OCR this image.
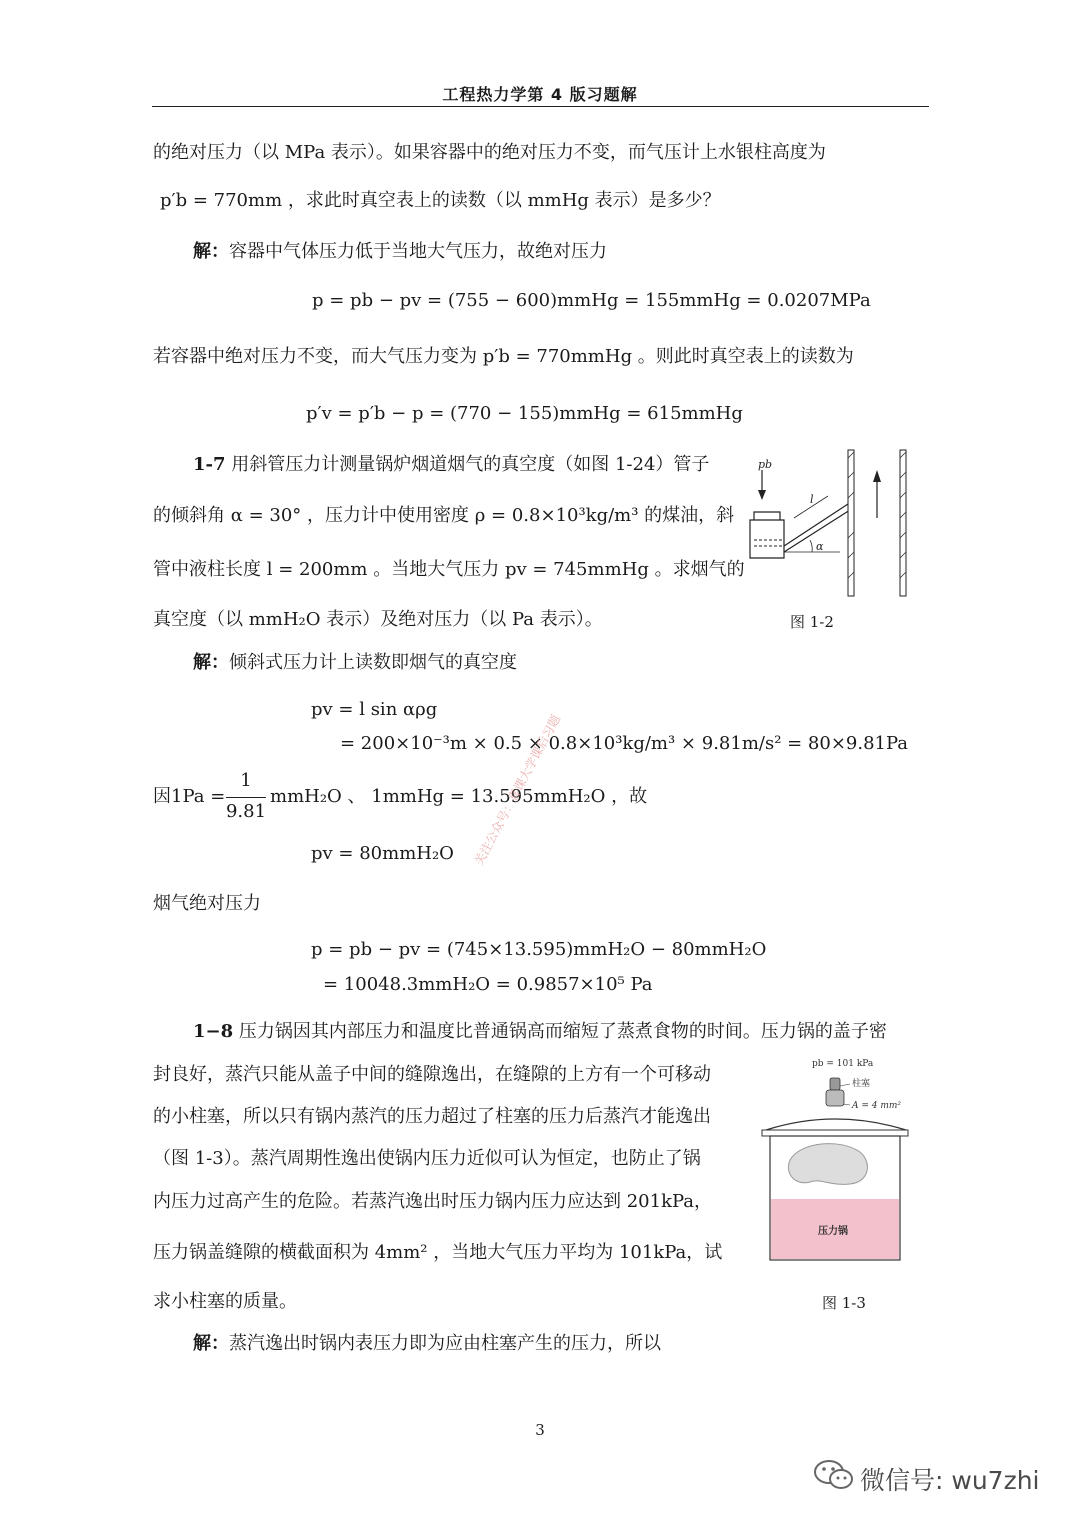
工程热力学第 4 版习题解
的绝对压力（以 MPa 表示）。如果容器中的绝对压力不变，而气压计上水银柱高度为
p′b = 770mm ，求此时真空表上的读数（以 mmHg 表示）是多少？
解：容器中气体压力低于当地大气压力，故绝对压力
p = pb − pv = (755 − 600)mmHg = 155mmHg = 0.0207MPa
若容器中绝对压力不变，而大气压力变为 p′b = 770mmHg 。则此时真空表上的读数为
p′v = p′b − p = (770 − 155)mmHg = 615mmHg
1-7 用斜管压力计测量锅炉烟道烟气的真空度（如图 1-24）管子
的倾斜角 α = 30° ，压力计中使用密度 ρ = 0.8×10³kg/m³ 的煤油，斜
管中液柱长度 l = 200mm 。当地大气压力 pv = 745mmHg 。求烟气的
真空度（以 mmH₂O 表示）及绝对压力（以 Pa 表示）。
pb
α
l
图 1-2
解：倾斜式压力计上读数即烟气的真空度
pv = l sin αρg
= 200×10⁻³m × 0.5 × 0.8×10³kg/m³ × 9.81m/s² = 80×9.81Pa
因1Pa =
1
9.81
mmH₂O 、 1mmHg = 13.595mmH₂O ，故
pv = 80mmH₂O 关注公众号：喜课大学课后习题
烟气绝对压力
p = pb − pv = (745×13.595)mmH₂O − 80mmH₂O
= 10048.3mmH₂O = 0.9857×10⁵ Pa
1−8 压力锅因其内部压力和温度比普通锅高而缩短了蒸煮食物的时间。压力锅的盖子密
封良好，蒸汽只能从盖子中间的缝隙逸出，在缝隙的上方有一个可移动
的小柱塞，所以只有锅内蒸汽的压力超过了柱塞的压力后蒸汽才能逸出
（图 1-3）。蒸汽周期性逸出使锅内压力近似可认为恒定，也防止了锅
内压力过高产生的危险。若蒸汽逸出时压力锅内压力应达到 201kPa，
压力锅盖缝隙的横截面积为 4mm² ，当地大气压力平均为 101kPa，试
求小柱塞的质量。
pb = 101 kPa
柱塞
A = 4 mm²
压力锅
图 1-3
解：蒸汽逸出时锅内表压力即为应由柱塞产生的压力，所以
3
微信号: wu7zhi
